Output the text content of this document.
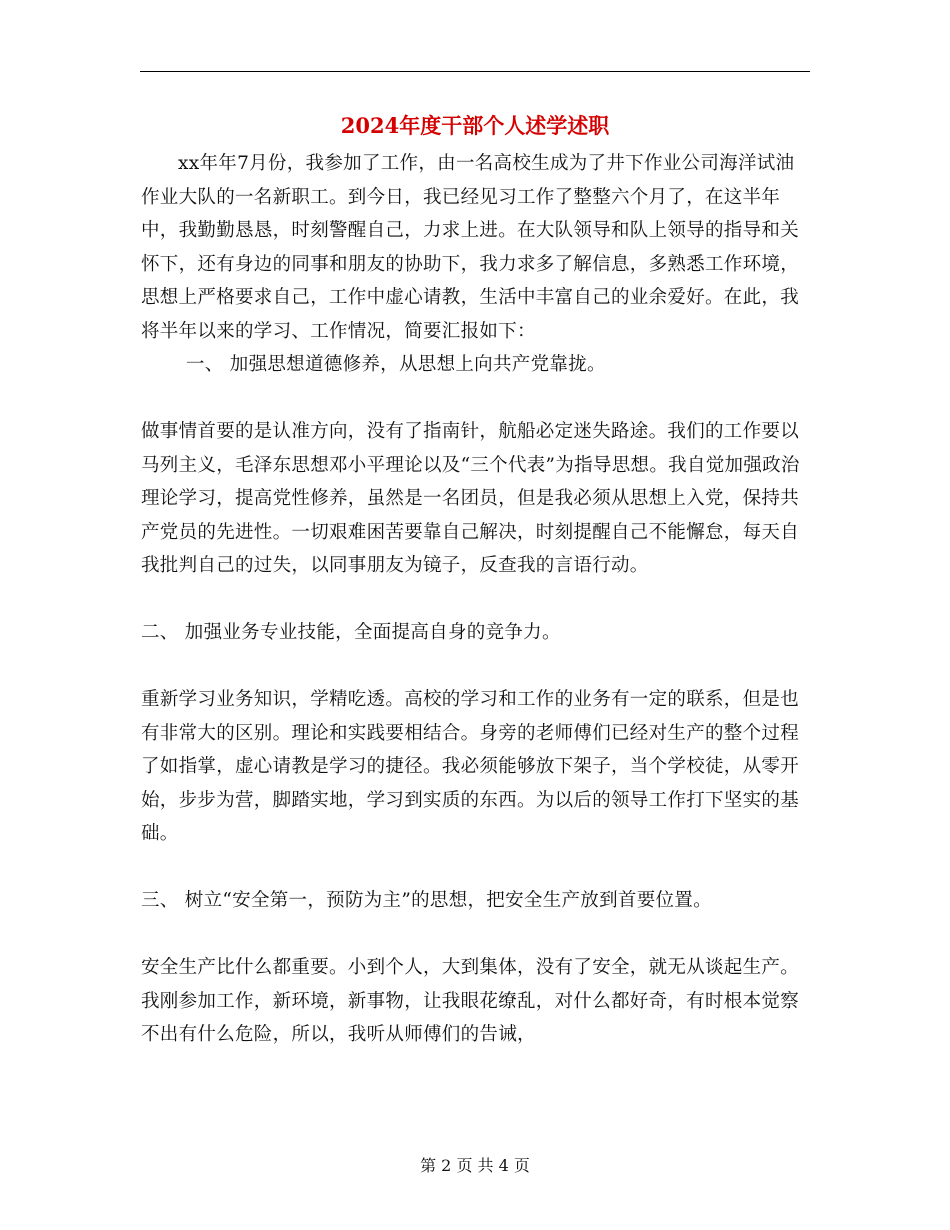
2024年度干部个人述学述职

xx年年7月份，我参加了工作，由一名高校生成为了井下作业公司海洋试油作业大队的一名新职工。到今日，我已经见习工作了整整六个月了，在这半年中，我勤勤恳恳，时刻警醒自己，力求上进。在大队领导和队上领导的指导和关怀下，还有身边的同事和朋友的协助下，我力求多了解信息，多熟悉工作环境，思想上严格要求自己，工作中虚心请教，生活中丰富自己的业余爱好。在此，我将半年以来的学习、工作情况，简要汇报如下：

一、 加强思想道德修养，从思想上向共产党靠拢。

做事情首要的是认准方向，没有了指南针，航船必定迷失路途。我们的工作要以马列主义，毛泽东思想邓小平理论以及“三个代表”为指导思想。我自觉加强政治理论学习，提高党性修养，虽然是一名团员，但是我必须从思想上入党，保持共产党员的先进性。一切艰难困苦要靠自己解决，时刻提醒自己不能懈怠，每天自我批判自己的过失，以同事朋友为镜子，反查我的言语行动。

二、 加强业务专业技能，全面提高自身的竞争力。

重新学习业务知识，学精吃透。高校的学习和工作的业务有一定的联系，但是也有非常大的区别。理论和实践要相结合。身旁的老师傅们已经对生产的整个过程了如指掌，虚心请教是学习的捷径。我必须能够放下架子，当个学校徒，从零开始，步步为营，脚踏实地，学习到实质的东西。为以后的领导工作打下坚实的基础。

三、 树立“安全第一，预防为主”的思想，把安全生产放到首要位置。

安全生产比什么都重要。小到个人，大到集体，没有了安全，就无从谈起生产。我刚参加工作，新环境，新事物，让我眼花缭乱，对什么都好奇，有时根本觉察不出有什么危险，所以，我听从师傅们的告诫，

第 2 页 共 4 页
